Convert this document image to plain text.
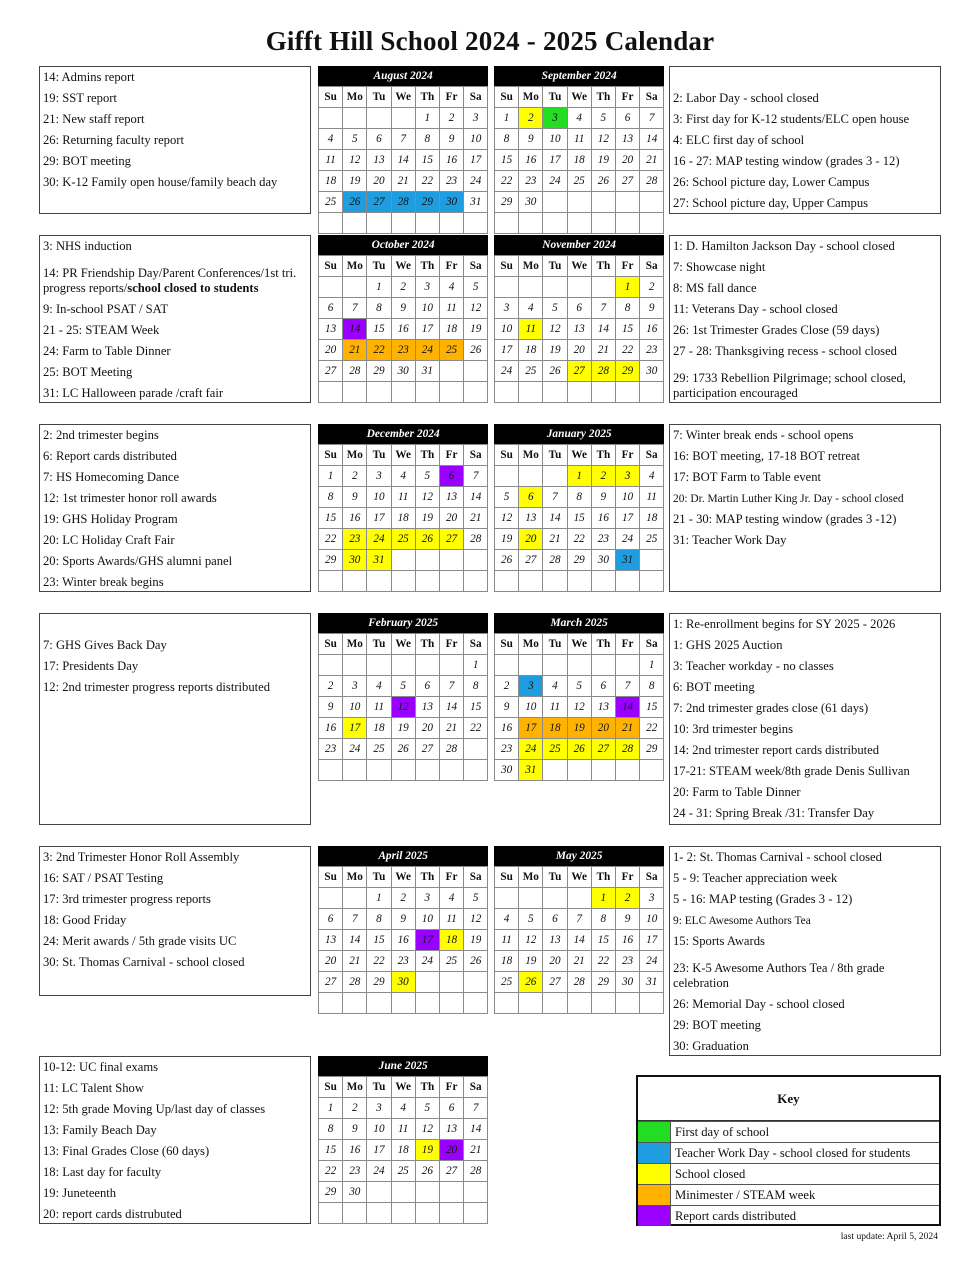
Gifft Hill School 2024 - 2025 Calendar
14: Admins report
19: SST report
21: New staff report
26: Returning faculty report
29: BOT meeting
30: K-12 Family open house/family beach day
August 2024
Su	Mo	Tu	We	Th	Fr	Sa
				1	2	3
4	5	6	7	8	9	10
11	12	13	14	15	16	17
18	19	20	21	22	23	24
25	26	27	28	29	30	31

September 2024
Su	Mo	Tu	We	Th	Fr	Sa
1	2	3	4	5	6	7
8	9	10	11	12	13	14
15	16	17	18	19	20	21
22	23	24	25	26	27	28
29	30					

2: Labor Day - school closed
3: First day for K-12 students/ELC open house
4: ELC first day of school
16 - 27: MAP testing window (grades 3 - 12)
26: School picture day, Lower Campus
27: School picture day, Upper Campus
3: NHS induction
14: PR Friendship Day/Parent Conferences/1st tri. progress reports/school closed to students
9: In-school PSAT / SAT
21 - 25: STEAM Week
24: Farm to Table Dinner
25: BOT Meeting
31: LC Halloween parade /craft fair
October 2024
Su	Mo	Tu	We	Th	Fr	Sa
		1	2	3	4	5
6	7	8	9	10	11	12
13	14	15	16	17	18	19
20	21	22	23	24	25	26
27	28	29	30	31		

November 2024
Su	Mo	Tu	We	Th	Fr	Sa
					1	2
3	4	5	6	7	8	9
10	11	12	13	14	15	16
17	18	19	20	21	22	23
24	25	26	27	28	29	30

1: D. Hamilton Jackson Day - school closed
7: Showcase night
8: MS fall dance
11: Veterans Day - school closed
26: 1st Trimester Grades Close (59 days)
27 - 28: Thanksgiving recess - school closed
29: 1733 Rebellion Pilgrimage; school closed, participation encouraged
2: 2nd trimester begins
6: Report cards distributed
7: HS Homecoming Dance
12: 1st trimester honor roll awards
19: GHS Holiday Program
20: LC Holiday Craft Fair
20: Sports Awards/GHS alumni panel
23: Winter break begins
December 2024
Su	Mo	Tu	We	Th	Fr	Sa
1	2	3	4	5	6	7
8	9	10	11	12	13	14
15	16	17	18	19	20	21
22	23	24	25	26	27	28
29	30	31				

January 2025
Su	Mo	Tu	We	Th	Fr	Sa
			1	2	3	4
5	6	7	8	9	10	11
12	13	14	15	16	17	18
19	20	21	22	23	24	25
26	27	28	29	30	31	

7: Winter break ends - school opens
16: BOT meeting, 17-18 BOT retreat
17: BOT Farm to Table event
20: Dr. Martin Luther King Jr. Day - school closed
21 - 30: MAP testing window (grades 3 -12)
31: Teacher Work Day
7: GHS Gives Back Day
17: Presidents Day
12: 2nd trimester progress reports distributed
February 2025
Su	Mo	Tu	We	Th	Fr	Sa
						1
2	3	4	5	6	7	8
9	10	11	12	13	14	15
16	17	18	19	20	21	22
23	24	25	26	27	28	

March 2025
Su	Mo	Tu	We	Th	Fr	Sa
						1
2	3	4	5	6	7	8
9	10	11	12	13	14	15
16	17	18	19	20	21	22
23	24	25	26	27	28	29
30	31					
1: Re-enrollment begins for SY 2025 - 2026
1: GHS 2025 Auction
3: Teacher workday - no classes
6: BOT meeting
7: 2nd trimester grades close (61 days)
10: 3rd trimester begins
14: 2nd trimester report cards distributed
17-21: STEAM week/8th grade Denis Sullivan
20: Farm to Table Dinner
24 - 31: Spring Break /31: Transfer Day
3: 2nd Trimester Honor Roll Assembly
16: SAT / PSAT Testing
17: 3rd trimester progress reports
18: Good Friday
24: Merit awards / 5th grade visits UC
30: St. Thomas Carnival - school closed
April 2025
Su	Mo	Tu	We	Th	Fr	Sa
		1	2	3	4	5
6	7	8	9	10	11	12
13	14	15	16	17	18	19
20	21	22	23	24	25	26
27	28	29	30			

May 2025
Su	Mo	Tu	We	Th	Fr	Sa
				1	2	3
4	5	6	7	8	9	10
11	12	13	14	15	16	17
18	19	20	21	22	23	24
25	26	27	28	29	30	31

1- 2: St. Thomas Carnival - school closed
5 - 9: Teacher appreciation week
5 - 16: MAP testing (Grades 3 - 12)
9: ELC Awesome Authors Tea
15: Sports Awards
23: K-5 Awesome Authors Tea / 8th grade celebration
26: Memorial Day - school closed
29: BOT meeting
30: Graduation
10-12: UC final exams
11: LC Talent Show
12: 5th grade Moving Up/last day of classes
13: Family Beach Day
13: Final Grades Close (60 days)
18: Last day for faculty
19: Juneteenth
20: report cards distrubuted
June 2025
Su	Mo	Tu	We	Th	Fr	Sa
1	2	3	4	5	6	7
8	9	10	11	12	13	14
15	16	17	18	19	20	21
22	23	24	25	26	27	28
29	30					

Key
First day of school
Teacher Work Day - school closed for students
School closed
Minimester / STEAM week
Report cards distributed
last update: April 5, 2024
